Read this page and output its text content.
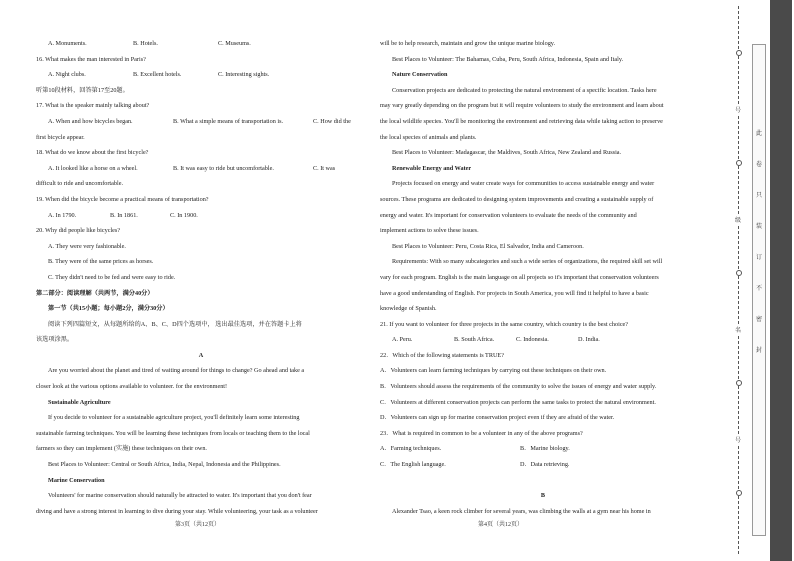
A. Monuments.	B. Hotels.	C. Museums.

16. What makes the man interested in Paris?

A. Night clubs.	B. Excellent hotels.	C. Interesting sights.

听第10段材料，回答第17至20题。

17. What is the speaker mainly talking about?

A. When and how bicycles began.	B. What a simple means of transportation is.	C. How did the

first bicycle appear.

18. What do we know about the first bicycle?

A. It looked like a horse on a wheel.	B. It was easy to ride but uncomfortable.	C. It was

difficult to ride and uncomfortable.

19. When did the bicycle become a practical means of transportation?

A. In 1790.	B. In 1861.	C. In 1900.

20. Why did people like bicycles?

A. They were very fashionable.

B. They were of the same prices as horses.

C. They didn't need to be fed and were easy to ride.

第二部分：阅读理解（共两节，满分40分）

第一节（共15小题；每小题2分，满分30分）

阅读下列四篇短文，从每题所给的A、B、C、D四个选项中， 选出最佳选项，并在答题卡上将

该选项涂黑。

A

Are you worried about the planet and tired of waiting around for things to change? Go ahead and take a

closer look at the various options available to volunteer. for the environment!

Sustainable Agriculture

If you decide to volunteer for a sustainable agriculture project, you'll definitely learn some interesting

sustainable farming techniques. You will be learning these techniques from locals or teaching them to the local

farmers so they can implement (实施) these techniques on their own.

Best Places to Volunteer: Central or South Africa, India, Nepal, Indonesia and the Philippines.

Marine Conservation

Volunteers' for marine conservation should naturally be attracted to water. It's important that you don't fear

diving and have a strong interest in learning to dive during your stay. While volunteering, your task as a volunteer

will be to help research, maintain and grow the unique marine biology.

Best Places to Volunteer: The Bahamas, Cuba, Peru, South Africa, Indonesia, Spain and Italy.

Nature Conservation

Conservation projects are dedicated to protecting the natural environment of a specific location. Tasks here

may vary greatly depending on the program but it will require volunteers to study the environment and learn about

the local wildlife species. You'll be monitoring the environment and retrieving data while taking action to preserve

the local species of animals and plants.

Best Places to Volunteer: Madagascar, the Maldives, South Africa, New Zealand and Russia.

Renewable Energy and Water

Projects focused on energy and water create ways for communities to access sustainable energy and water

sources. These programs are dedicated to designing system improvements and creating a sustainable supply of

energy and water. It's important for conservation volunteers to evaluate the needs of the community and

implement actions to solve these issues.

Best Places to Volunteer: Peru, Costa Rica, El Salvador, India and Cameroon.

Requirements: With so many subcategories and such a wide series of organizations, the required skill set will

vary for each program. English is the main language on all projects so it's important that conservation volunteers

have a good understanding of English. For projects in South America, you will find it helpful to have a basic

knowledge of Spanish.

21. If you want to volunteer for three projects in the same country, which country is the best choice?

A. Peru.	B. South Africa.	C. Indonesia.	D. India.

22．Which of the following statements is TRUE?

A．Volunteers can learn farming techniques by carrying out these techniques on their own.

B．Volunteers should assess the requirements of the community to solve the issues of energy and water supply.

C．Volunteers at different conservation projects can perform the same tasks to protect the natural environment.

D．Volunteers can sign up for marine conservation project even if they are afraid of the water.

23．What is required in common to be a volunteer in any of the above programs?

A．Farming techniques.	B．Marine biology.

C．The English language.	D．Data retrieving.

B

Alexander Tsao, a keen rock climber for several years, was climbing the walls at a gym near his home in

第3页（共12页）	第4页（共12页）
此
卷
只
装
订
不
密
封
号
级
名
号
